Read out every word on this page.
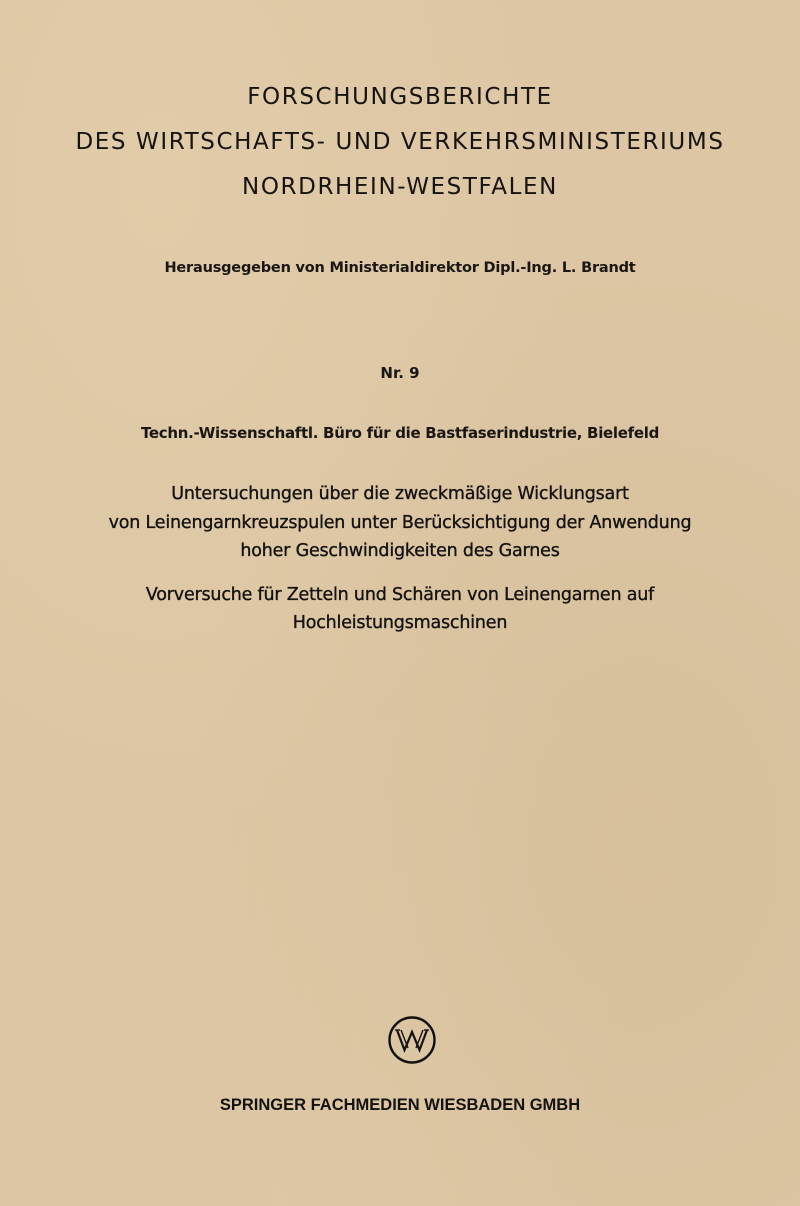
FORSCHUNGSBERICHTE
DES WIRTSCHAFTS- UND VERKEHRSMINISTERIUMS
NORDRHEIN-WESTFALEN
Herausgegeben von Ministerialdirektor Dipl.-Ing. L. Brandt
Nr. 9
Techn.-Wissenschaftl. Büro für die Bastfaserindustrie, Bielefeld
Untersuchungen über die zweckmäßige Wicklungsart
von Leinengarnkreuzspulen unter Berücksichtigung der Anwendung
hoher Geschwindigkeiten des Garnes
Vorversuche für Zetteln und Schären von Leinengarnen auf
Hochleistungsmaschinen
SPRINGER FACHMEDIEN WIESBADEN GMBH
